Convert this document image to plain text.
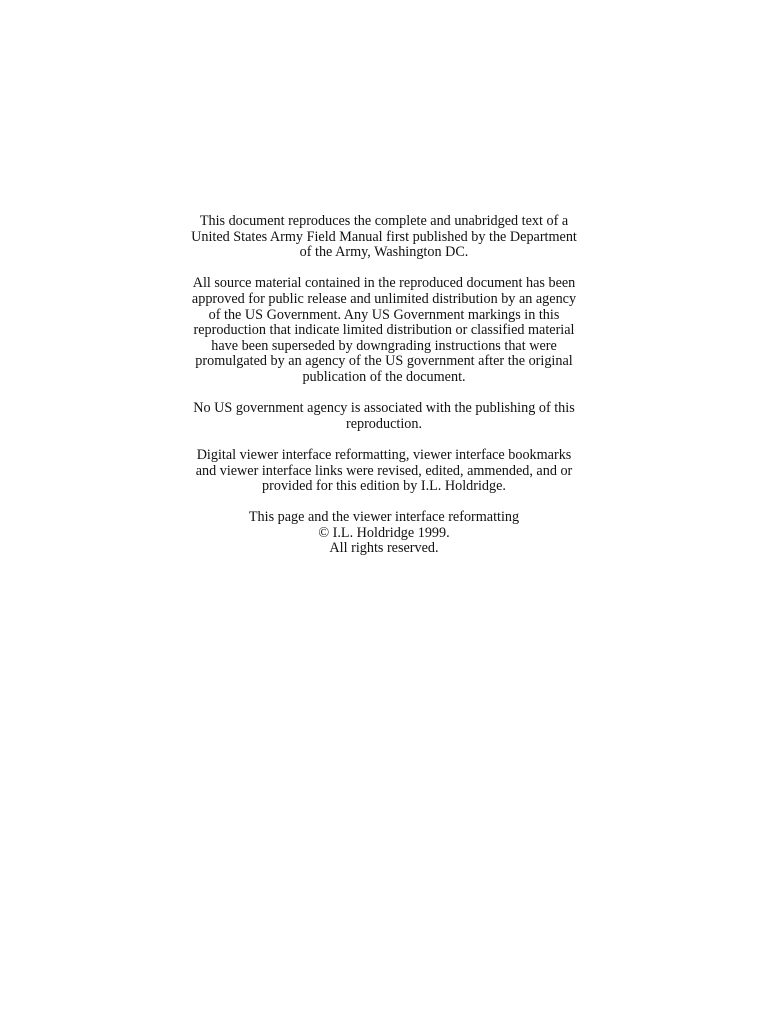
This document reproduces the complete and unabridged text of a
United States Army Field Manual first published by the Department
of the Army, Washington DC.

All source material contained in the reproduced document has been
approved for public release and unlimited distribution by an agency
of the US Government. Any US Government markings in this
reproduction that indicate limited distribution or classified material
have been superseded by downgrading instructions that were
promulgated by an agency of the US government after the original
publication of the document.

No US government agency is associated with the publishing of this
reproduction.

Digital viewer interface reformatting, viewer interface bookmarks
and viewer interface links were revised, edited, ammended, and or
provided for this edition by I.L. Holdridge.

This page and the viewer interface reformatting
© I.L. Holdridge 1999.
All rights reserved.
